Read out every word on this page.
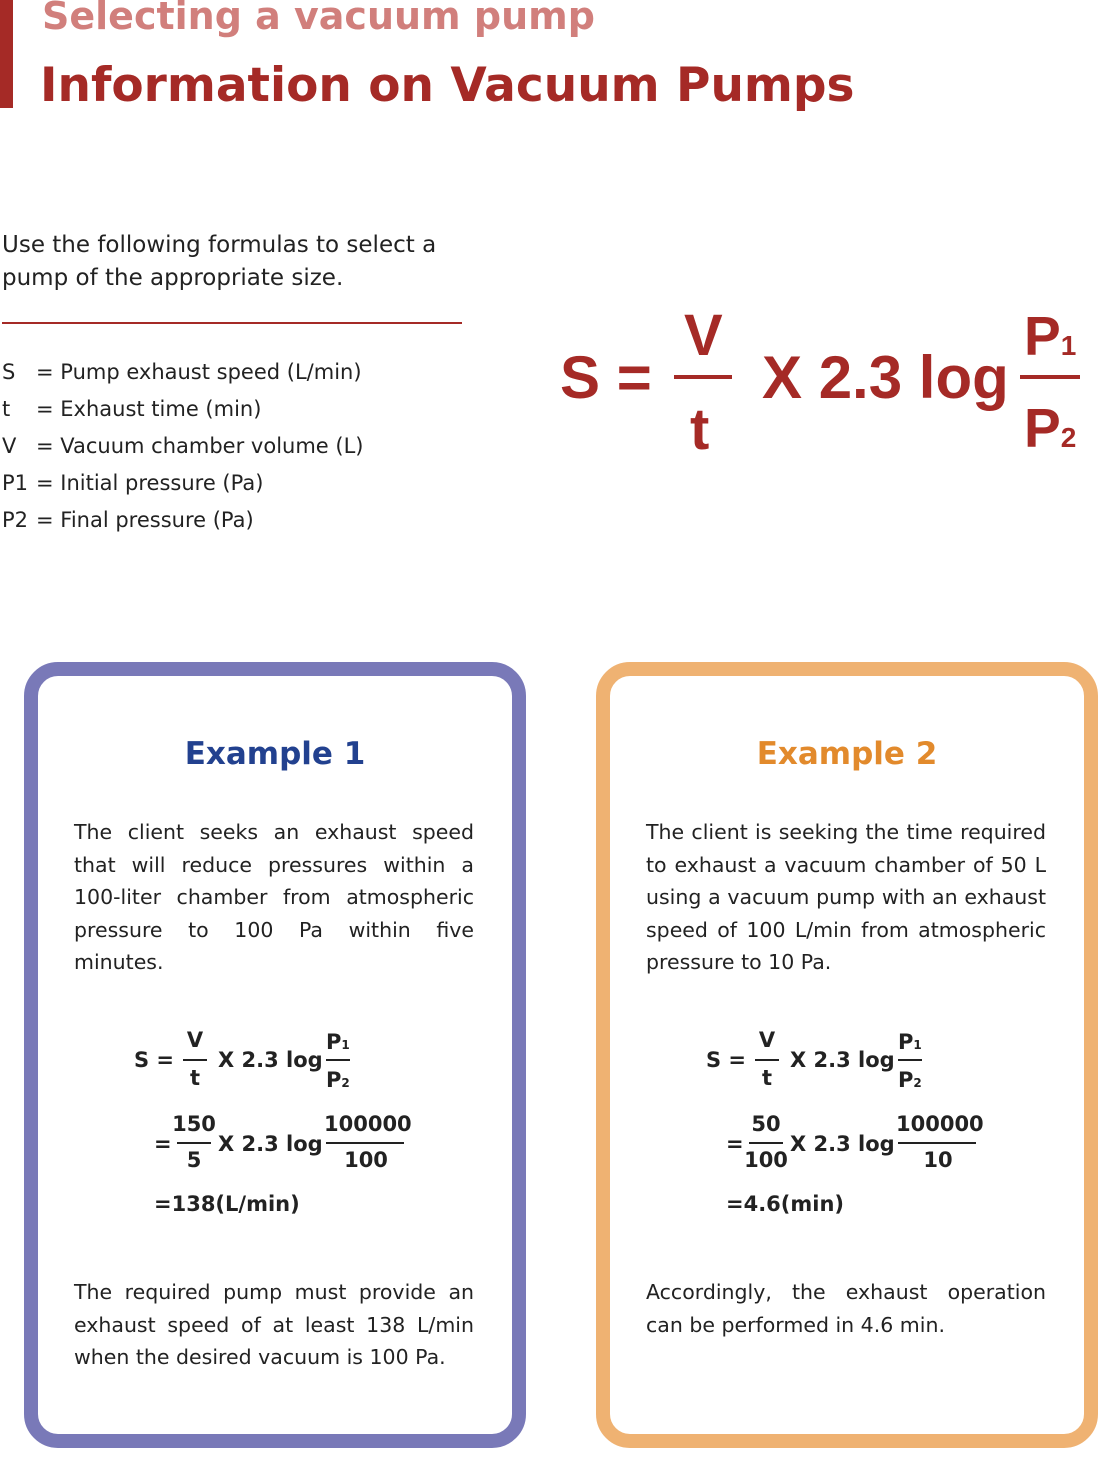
Selecting a vacuum pump
Information on Vacuum Pumps
Use the following formulas to select a pump of the appropriate size.
S = Pump exhaust speed (L/min)
t	= Exhaust time (min)
V = Vacuum chamber volume (L)
P1 = Initial pressure (Pa)
P2 = Final pressure (Pa)
S =
V
t
X 2.3 log
P1
P2
Example 1
The client seeks an exhaust speed that will reduce pressures within a 100-liter chamber from atmospheric pressure to 100 Pa within five minutes.
S =
V
t
X 2.3 log
P1
P2
=
150
5
X 2.3 log
100000
100
=138(L/min)
The required pump must provide an exhaust speed of at least 138 L/min when the desired vacuum is 100 Pa.
Example 2
The client is seeking the time required to exhaust a vacuum chamber of 50 L using a vacuum pump with an exhaust speed of 100 L/min from atmospheric pressure to 10 Pa.
S =
V
t
X 2.3 log
P1
P2
=
50
100
X 2.3 log
100000
10
=4.6(min)
Accordingly, the exhaust operation can be performed in 4.6 min.
